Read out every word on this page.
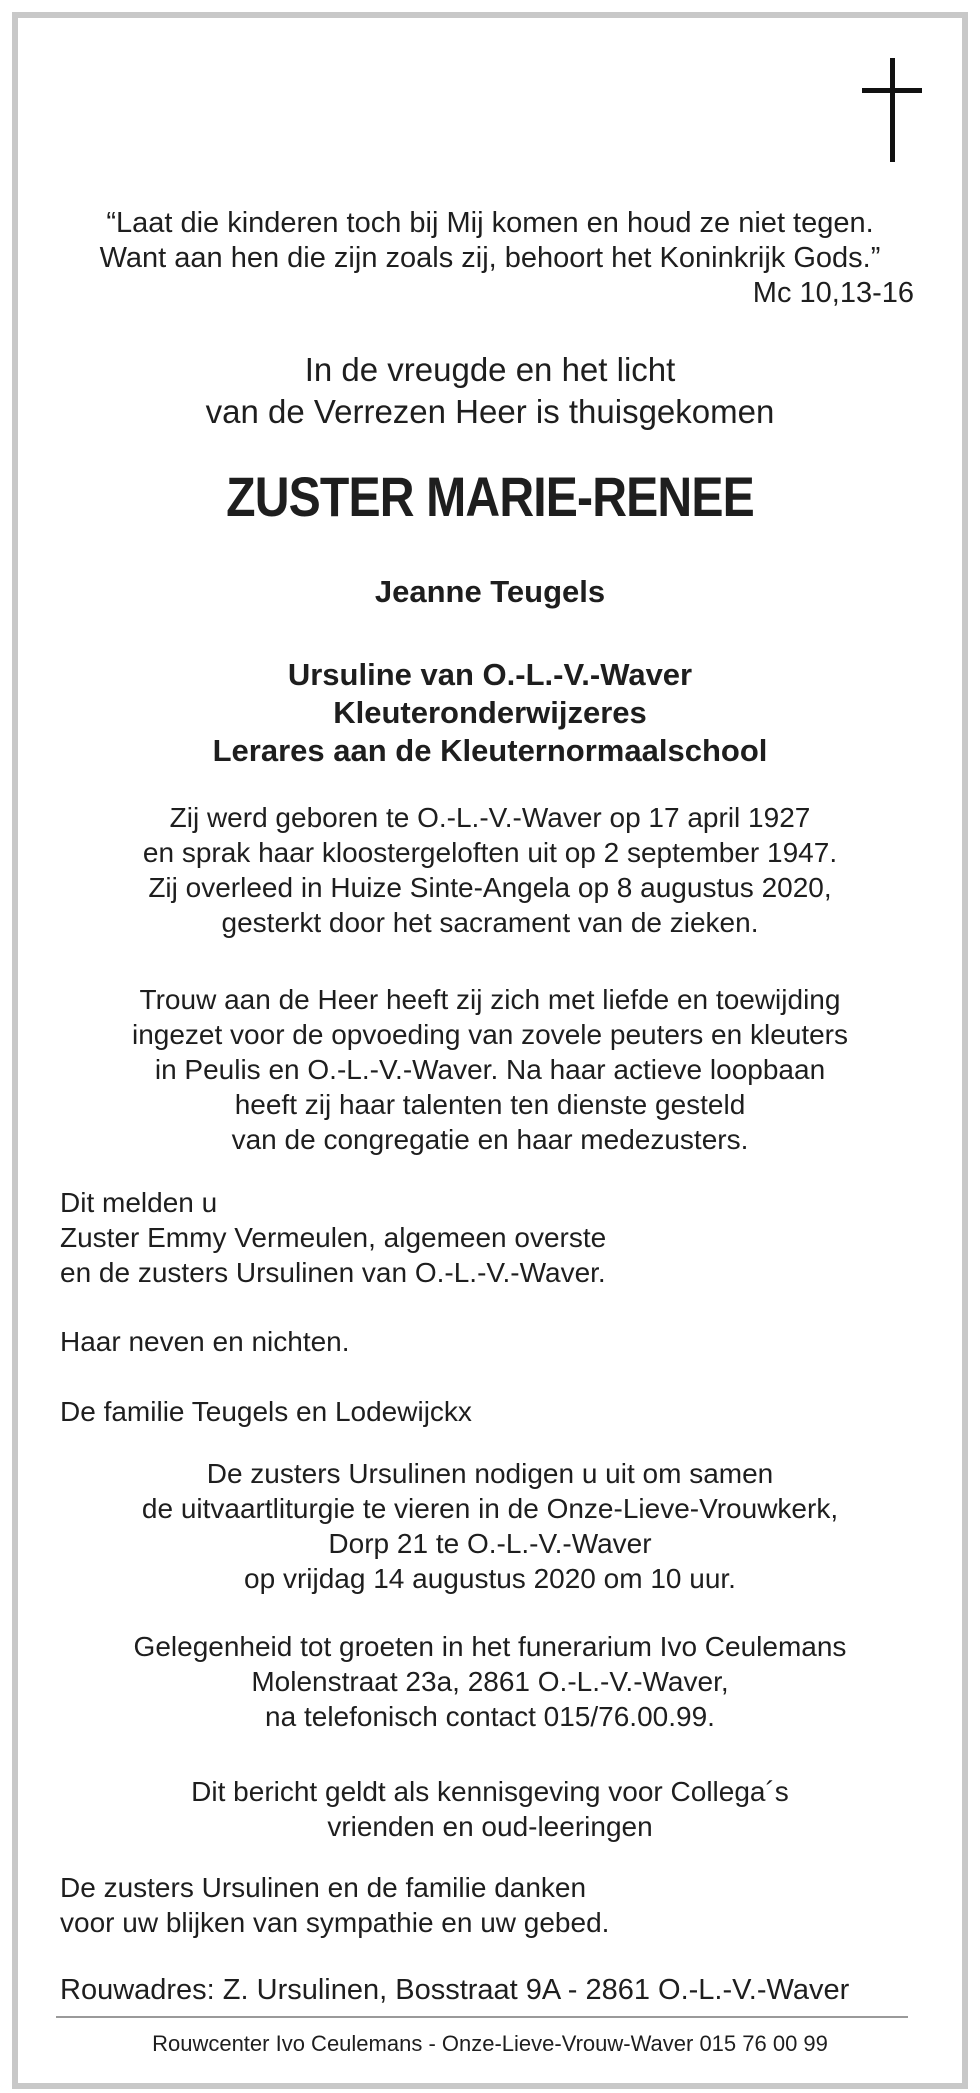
“Laat die kinderen toch bij Mij komen en houd ze niet tegen.
Want aan hen die zijn zoals zij, behoort het Koninkrijk Gods.”
Mc 10,13-16
In de vreugde en het licht
van de Verrezen Heer is thuisgekomen
ZUSTER MARIE-RENEE
Jeanne Teugels
Ursuline van O.-L.-V.-Waver
Kleuteronderwijzeres
Lerares aan de Kleuternormaalschool
Zij werd geboren te O.-L.-V.-Waver op 17 april 1927
en sprak haar kloostergeloften uit op 2 september 1947.
Zij overleed in Huize Sinte-Angela op 8 augustus 2020,
gesterkt door het sacrament van de zieken.
Trouw aan de Heer heeft zij zich met liefde en toewijding
ingezet voor de opvoeding van zovele peuters en kleuters
in Peulis en O.-L.-V.-Waver. Na haar actieve loopbaan
heeft zij haar talenten ten dienste gesteld
van de congregatie en haar medezusters.
Dit melden u
Zuster Emmy Vermeulen, algemeen overste
en de zusters Ursulinen van O.-L.-V.-Waver.
Haar neven en nichten.
De familie Teugels en Lodewijckx
De zusters Ursulinen nodigen u uit om samen
de uitvaartliturgie te vieren in de Onze-Lieve-Vrouwkerk,
Dorp 21 te O.-L.-V.-Waver
op vrijdag 14 augustus 2020 om 10 uur.
Gelegenheid tot groeten in het funerarium Ivo Ceulemans
Molenstraat 23a, 2861 O.-L.-V.-Waver,
na telefonisch contact 015/76.00.99.
Dit bericht geldt als kennisgeving voor Collega´s
vrienden en oud-leeringen
De zusters Ursulinen en de familie danken
voor uw blijken van sympathie en uw gebed.
Rouwadres: Z. Ursulinen, Bosstraat 9A - 2861 O.-L.-V.-Waver
Rouwcenter Ivo Ceulemans - Onze-Lieve-Vrouw-Waver 015 76 00 99
